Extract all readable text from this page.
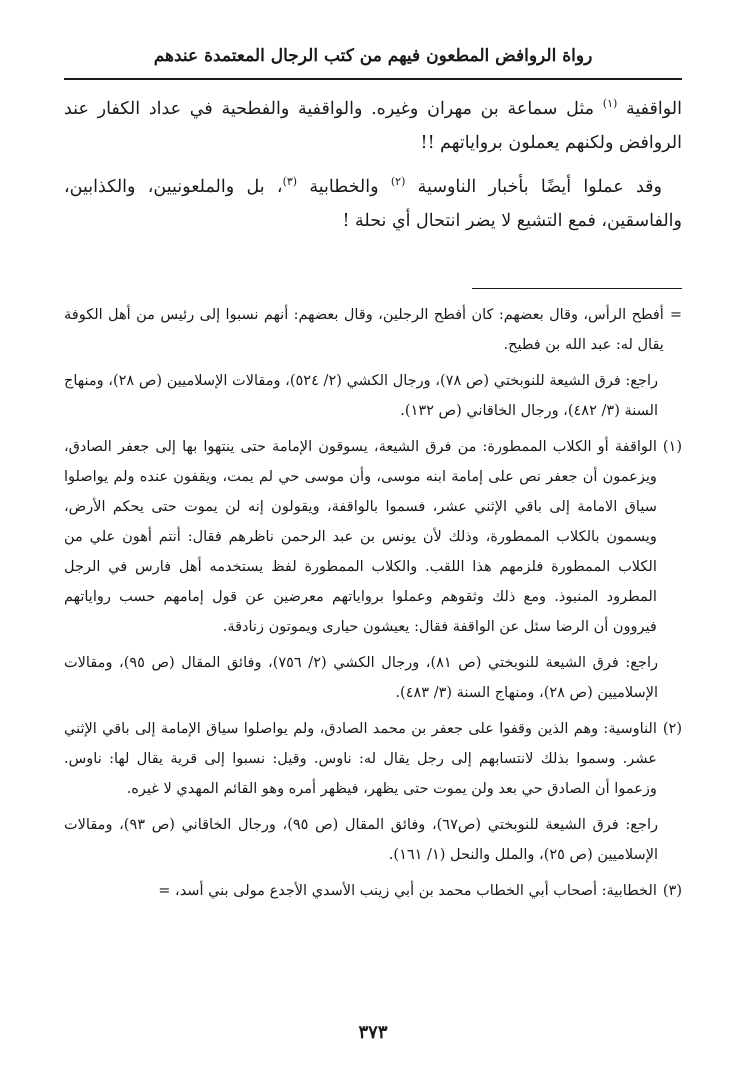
رواة الروافض المطعون فيهم من كتب الرجال المعتمدة عندهم

الواقفية $^{(١)}$ مثل سماعة بن مهران وغيره. والواقفية والفطحية في عداد الكفار عند الروافض ولكنهم يعملون برواياتهم !!

وقد عملوا أيضًا بأخبار الناوسية $^{(٢)}$ والخطابية $^{(٣)}$، بل والملعونيين، والكذابين، والفاسقين، فمع التشيع لا يضر انتحال أي نحلة !

=
أفطح الرأس، وقال بعضهم: كان أفطح الرجلين، وقال بعضهم: أنهم نسبوا إلى رئيس من أهل الكوفة يقال له: عبد الله بن فطيح.
راجع: فرق الشيعة للنوبختي (ص ٧٨)، ورجال الكشي (٢/ ٥٢٤)، ومقالات الإسلاميين (ص ٢٨)، ومنهاج السنة (٣/ ٤٨٢)، ورجال الخاقاني (ص ١٣٢).
(١)
الواقفة أو الكلاب الممطورة: من فرق الشيعة، يسوقون الإمامة حتى ينتهوا بها إلى جعفر الصادق، ويزعمون أن جعفر نص على إمامة ابنه موسى، وأن موسى حي لم يمت، ويقفون عنده ولم يواصلوا سياق الامامة إلى باقي الإثني عشر، فسموا بالواقفة، ويقولون إنه لن يموت حتى يحكم الأرض، ويسمون بالكلاب الممطورة، وذلك لأن يونس بن عبد الرحمن ناظرهم فقال: أنتم أهون علي من الكلاب الممطورة فلزمهم هذا اللقب. والكلاب الممطورة لفظ يستخدمه أهل فارس في الرجل المطرود المنبوذ. ومع ذلك وثقوهم وعملوا برواياتهم معرضين عن قول إمامهم حسب رواياتهم فيروون أن الرضا سئل عن الواقفة فقال: يعيشون حيارى ويموتون زنادقة.
راجع: فرق الشيعة للنوبختي (ص ٨١)، ورجال الكشي (٢/ ٧٥٦)، وفائق المقال (ص ٩٥)، ومقالات الإسلاميين (ص ٢٨)، ومنهاج السنة (٣/ ٤٨٣).
(٢)
الناوسية: وهم الذين وقفوا على جعفر بن محمد الصادق، ولم يواصلوا سياق الإمامة إلى باقي الإثني عشر. وسموا بذلك لانتسابهم إلى رجل يقال له: ناوس. وقيل: نسبوا إلى قرية يقال لها: ناوس. وزعموا أن الصادق حي بعد ولن يموت حتى يظهر، فيظهر أمره وهو القائم المهدي لا غيره.
راجع: فرق الشيعة للنوبختي (ص٦٧)، وفائق المقال (ص ٩٥)، ورجال الخاقاني (ص ٩٣)، ومقالات الإسلاميين (ص ٢٥)، والملل والنحل (١/ ١٦١).
(٣)
الخطابية: أصحاب أبي الخطاب محمد بن أبي زينب الأسدي الأجدع مولى بني أسد، =
٣٧٣
